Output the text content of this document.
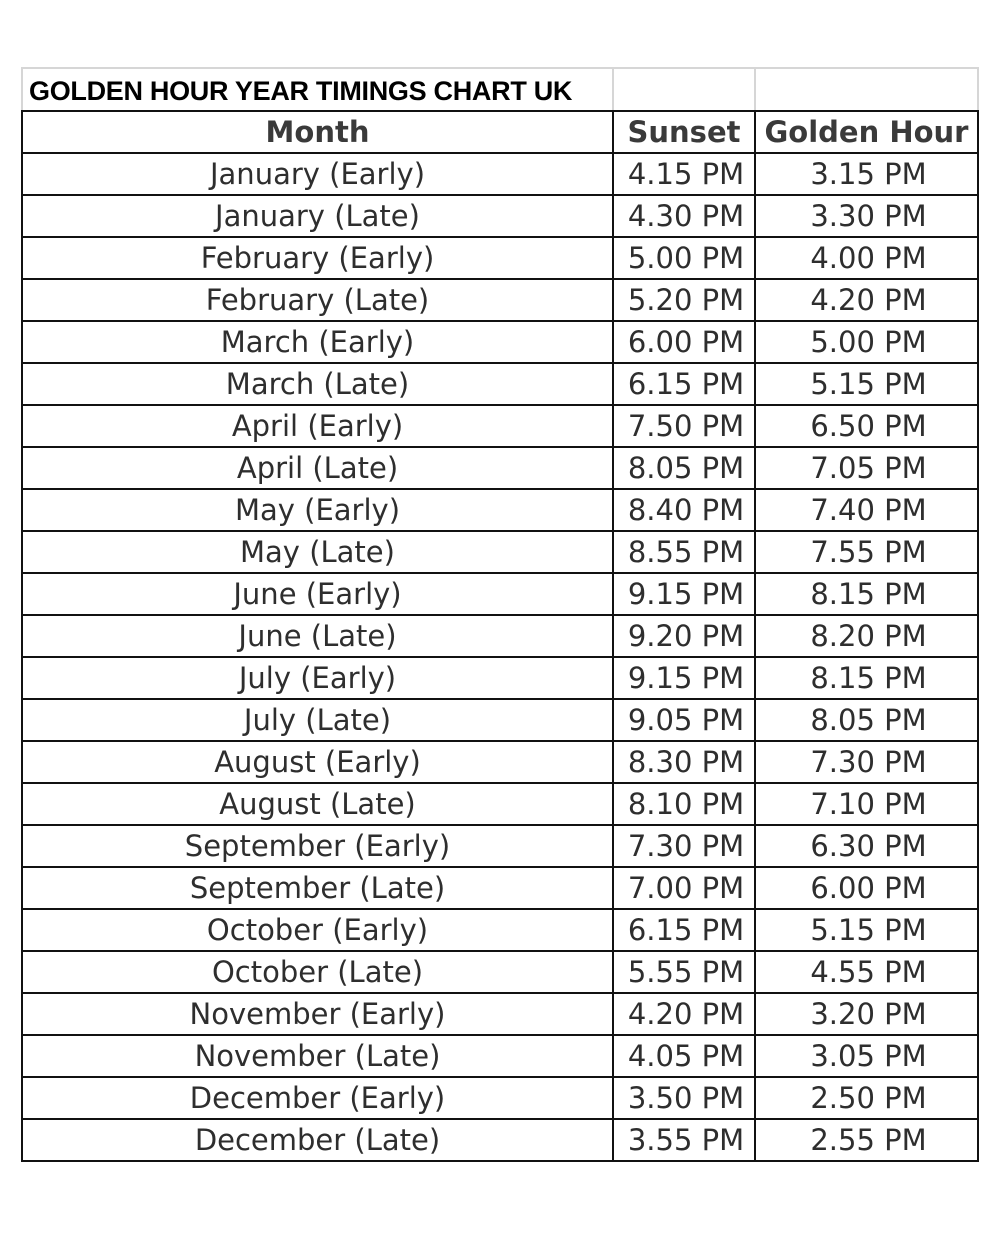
GOLDEN HOUR YEAR TIMINGS CHART UK		
Month	Sunset	Golden Hour
January (Early)	4.15 PM	3.15 PM
January (Late)	4.30 PM	3.30 PM
February (Early)	5.00 PM	4.00 PM
February (Late)	5.20 PM	4.20 PM
March (Early)	6.00 PM	5.00 PM
March (Late)	6.15 PM	5.15 PM
April (Early)	7.50 PM	6.50 PM
April (Late)	8.05 PM	7.05 PM
May (Early)	8.40 PM	7.40 PM
May (Late)	8.55 PM	7.55 PM
June (Early)	9.15 PM	8.15 PM
June (Late)	9.20 PM	8.20 PM
July (Early)	9.15 PM	8.15 PM
July (Late)	9.05 PM	8.05 PM
August (Early)	8.30 PM	7.30 PM
August (Late)	8.10 PM	7.10 PM
September (Early)	7.30 PM	6.30 PM
September (Late)	7.00 PM	6.00 PM
October (Early)	6.15 PM	5.15 PM
October (Late)	5.55 PM	4.55 PM
November (Early)	4.20 PM	3.20 PM
November (Late)	4.05 PM	3.05 PM
December (Early)	3.50 PM	2.50 PM
December (Late)	3.55 PM	2.55 PM
